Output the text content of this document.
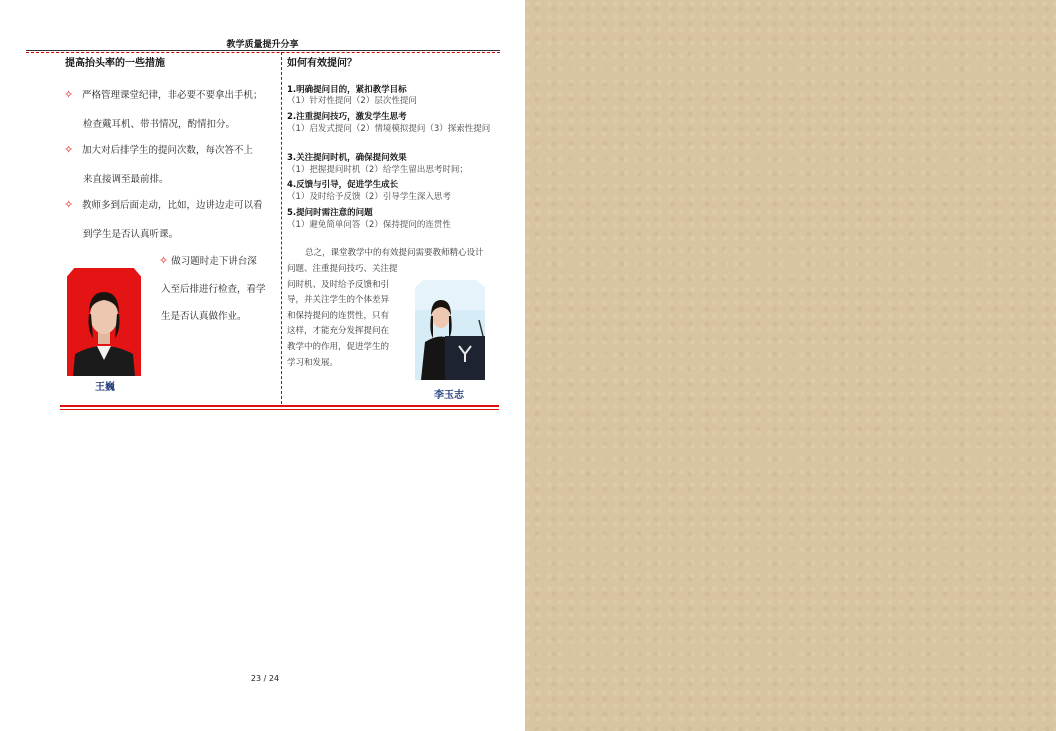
教学质量提升分享
提高抬头率的一些措施
✧ 严格管理课堂纪律，非必要不要拿出手机；
检查戴耳机、带书情况，酌情扣分。
✧ 加大对后排学生的提问次数，每次答不上
来直接调至最前排。
✧ 教师多到后面走动，比如，边讲边走可以看
到学生是否认真听课。
✧ 做习题时走下讲台深
入至后排进行检查，看学
生是否认真做作业。
王巍
如何有效提问？
1.明确提问目的，紧扣教学目标
（1）针对性提问（2）层次性提问
2.注重提问技巧，激发学生思考
（1）启发式提问（2）情境模拟提问（3）探索性提问
3.关注提问时机，确保提问效果
（1）把握提问时机（2）给学生留出思考时间；
4.反馈与引导，促进学生成长
（1）及时给予反馈（2）引导学生深入思考
5.提问时需注意的问题
（1）避免简单问答（2）保持提问的连贯性
总之，课堂教学中的有效提问需要教师精心设计
问题、注重提问技巧、关注提
问时机、及时给予反馈和引
导，并关注学生的个体差异
和保持提问的连贯性，只有
这样，才能充分发挥提问在
教学中的作用，促进学生的
学习和发展。
李玉志
23 / 24
